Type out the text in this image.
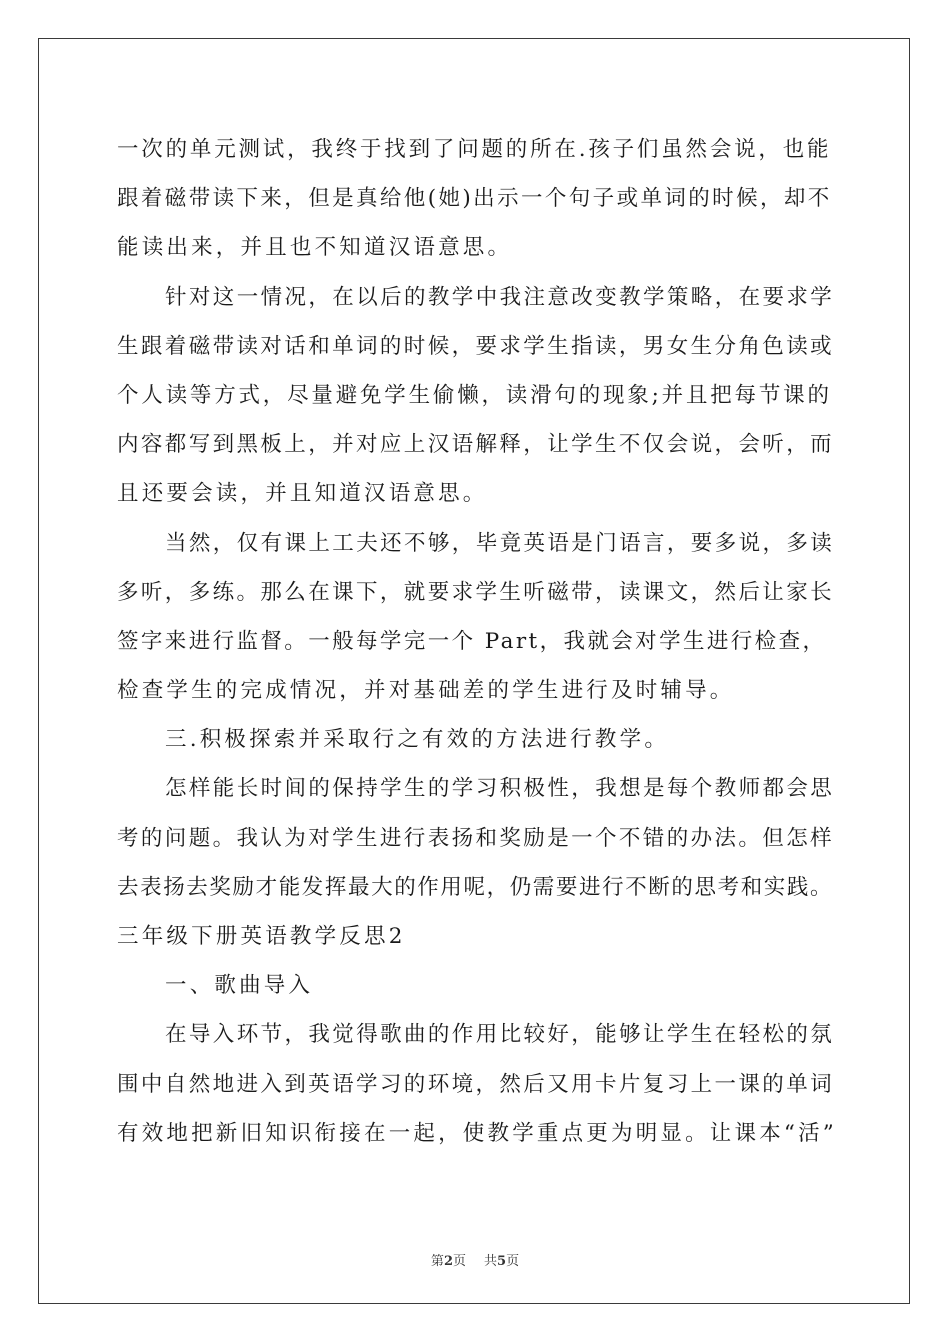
一次的单元测试，我终于找到了问题的所在.孩子们虽然会说，也能
跟着磁带读下来，但是真给他(她)出示一个句子或单词的时候，却不
能读出来，并且也不知道汉语意思。
针对这一情况，在以后的教学中我注意改变教学策略，在要求学
生跟着磁带读对话和单词的时候，要求学生指读，男女生分角色读或
个人读等方式，尽量避免学生偷懒，读滑句的现象;并且把每节课的
内容都写到黑板上，并对应上汉语解释，让学生不仅会说，会听，而
且还要会读，并且知道汉语意思。
当然，仅有课上工夫还不够，毕竟英语是门语言，要多说，多读
多听，多练。那么在课下，就要求学生听磁带，读课文，然后让家长
签字来进行监督。一般每学完一个 Part，我就会对学生进行检查，
检查学生的完成情况，并对基础差的学生进行及时辅导。
三.积极探索并采取行之有效的方法进行教学。
怎样能长时间的保持学生的学习积极性，我想是每个教师都会思
考的问题。我认为对学生进行表扬和奖励是一个不错的办法。但怎样
去表扬去奖励才能发挥最大的作用呢，仍需要进行不断的思考和实践。
三年级下册英语教学反思2
一、歌曲导入
在导入环节，我觉得歌曲的作用比较好，能够让学生在轻松的氛
围中自然地进入到英语学习的环境，然后又用卡片复习上一课的单词
有效地把新旧知识衔接在一起，使教学重点更为明显。让课本“活”
第2页 共5页
